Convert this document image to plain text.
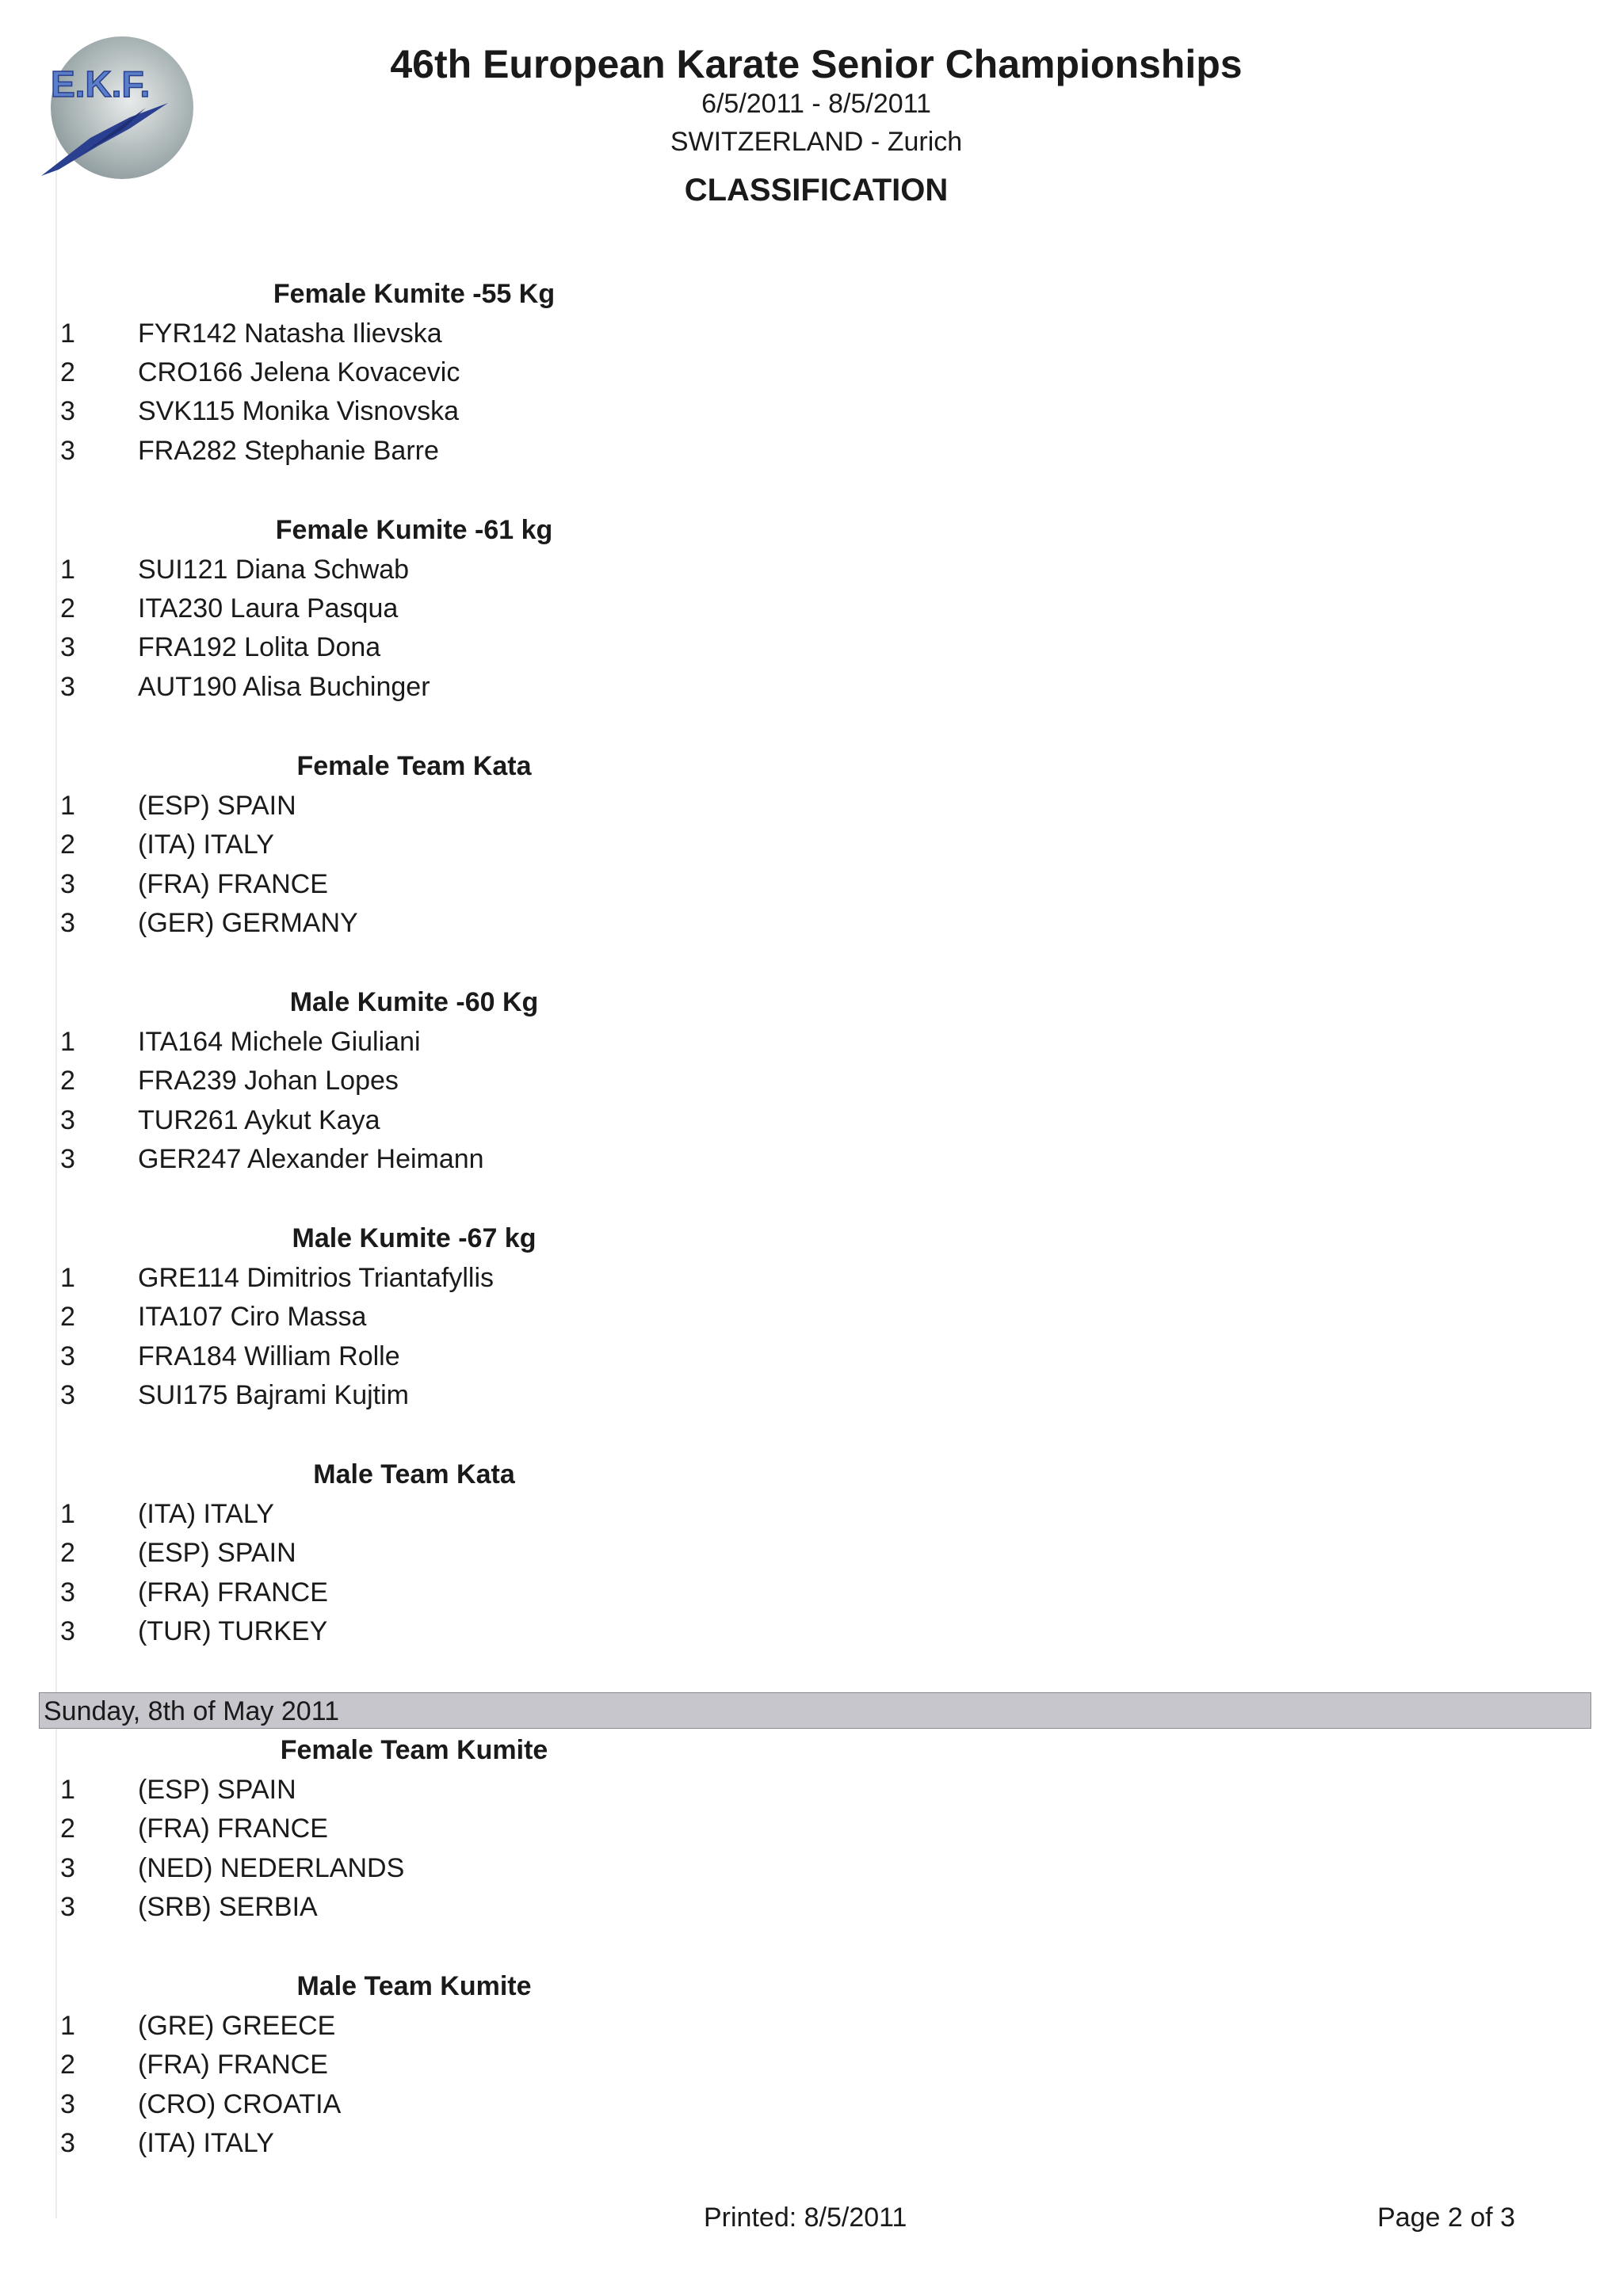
E.K.F.	46th European Karate Senior Championships
6/5/2011 - 8/5/2011
SWITZERLAND - Zurich
CLASSIFICATION
Female Kumite -55 Kg
1	FYR142 Natasha Ilievska
2	CRO166 Jelena Kovacevic
3	SVK115 Monika Visnovska
3	FRA282 Stephanie Barre
Female Kumite -61 kg
1	SUI121 Diana Schwab
2	ITA230 Laura Pasqua
3	FRA192 Lolita Dona
3	AUT190 Alisa Buchinger
Female Team Kata
1	(ESP) SPAIN
2	(ITA) ITALY
3	(FRA) FRANCE
3	(GER) GERMANY
Male Kumite -60 Kg
1	ITA164 Michele Giuliani
2	FRA239 Johan Lopes
3	TUR261 Aykut Kaya
3	GER247 Alexander Heimann
Male Kumite -67 kg
1	GRE114 Dimitrios Triantafyllis
2	ITA107 Ciro Massa
3	FRA184 William Rolle
3	SUI175 Bajrami Kujtim
Male Team Kata
1	(ITA) ITALY
2	(ESP) SPAIN
3	(FRA) FRANCE
3	(TUR) TURKEY
Sunday, 8th of May 2011
Female Team Kumite
1	(ESP) SPAIN
2	(FRA) FRANCE
3	(NED) NEDERLANDS
3	(SRB) SERBIA
Male Team Kumite
1	(GRE) GREECE
2	(FRA) FRANCE
3	(CRO) CROATIA
3	(ITA) ITALY
Printed: 8/5/2011	Page 2 of 3
